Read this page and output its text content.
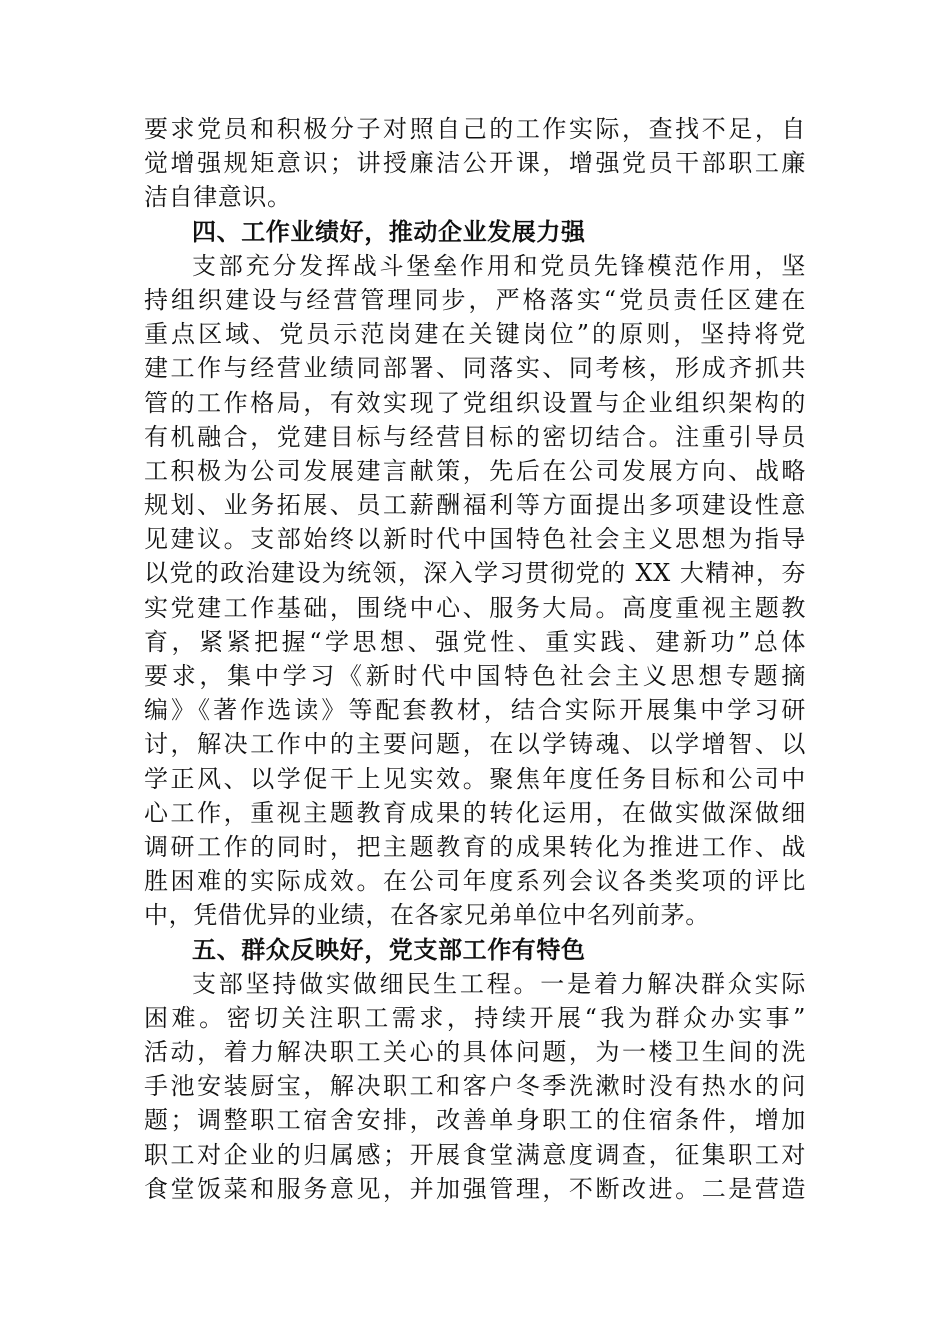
要求党员和积极分子对照自己的工作实际，查找不足，自
觉增强规矩意识；讲授廉洁公开课，增强党员干部职工廉
洁自律意识。
四、工作业绩好，推动企业发展力强
支部充分发挥战斗堡垒作用和党员先锋模范作用，坚
持组织建设与经营管理同步，严格落实“党员责任区建在
重点区域、党员示范岗建在关键岗位”的原则，坚持将党
建工作与经营业绩同部署、同落实、同考核，形成齐抓共
管的工作格局，有效实现了党组织设置与企业组织架构的
有机融合，党建目标与经营目标的密切结合。注重引导员
工积极为公司发展建言献策，先后在公司发展方向、战略
规划、业务拓展、员工薪酬福利等方面提出多项建设性意
见建议。支部始终以新时代中国特色社会主义思想为指导
以党的政治建设为统领，深入学习贯彻党的 XX 大精神，夯
实党建工作基础，围绕中心、服务大局。高度重视主题教
育，紧紧把握“学思想、强党性、重实践、建新功”总体
要求，集中学习《新时代中国特色社会主义思想专题摘
编》《著作选读》等配套教材，结合实际开展集中学习研
讨，解决工作中的主要问题，在以学铸魂、以学增智、以
学正风、以学促干上见实效。聚焦年度任务目标和公司中
心工作，重视主题教育成果的转化运用，在做实做深做细
调研工作的同时，把主题教育的成果转化为推进工作、战
胜困难的实际成效。在公司年度系列会议各类奖项的评比
中，凭借优异的业绩，在各家兄弟单位中名列前茅。
五、群众反映好，党支部工作有特色
支部坚持做实做细民生工程。一是着力解决群众实际
困难。密切关注职工需求，持续开展“我为群众办实事”
活动，着力解决职工关心的具体问题，为一楼卫生间的洗
手池安装厨宝，解决职工和客户冬季洗漱时没有热水的问
题；调整职工宿舍安排，改善单身职工的住宿条件，增加
职工对企业的归属感；开展食堂满意度调查，征集职工对
食堂饭菜和服务意见，并加强管理，不断改进。二是营造
